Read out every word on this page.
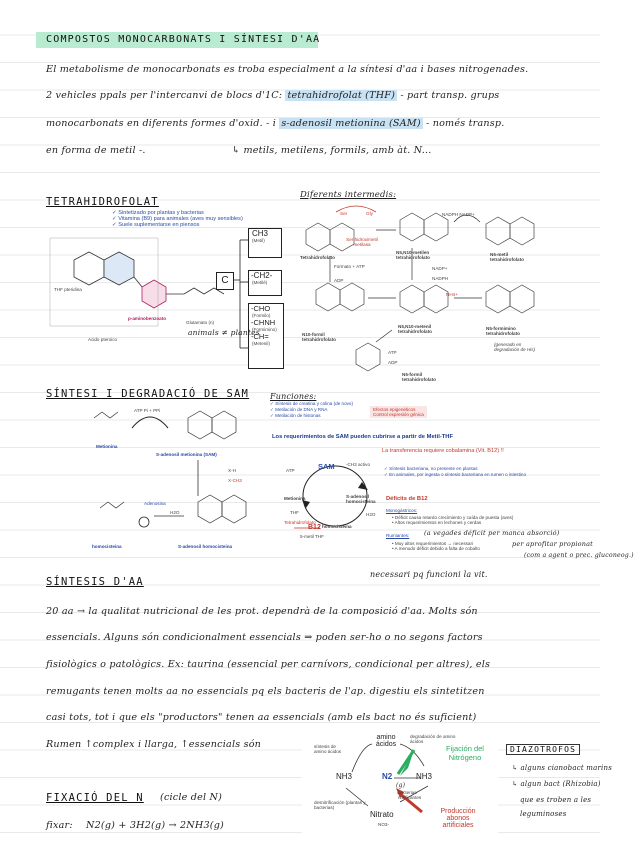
COMPOSTOS MONOCARBONATS I SÍNTESI D'AA
El metabolisme de monocarbonats es troba especialment a la síntesi d'aa i bases nitrogenades.
2 vehicles ppals per l'intercanvi de blocs d'1C: tetrahidrofolat (THF) - part transp. grups
monocarbonats en diferents formes d'oxid. - i s-adenosil metionina (SAM) - només transp.
en forma de metil -.	↳ metils, metilens, formils, amb àt. N...
TETRAHIDROFOLAT
✓ Sintetizado por plantas y bacterias
✓ Vitamina (B9) para animales (aves muy sensibles)
✓ Suele suplementarse en piensos
THF pteridina
p-aminobenzoato
Glutamato (n)
Acido pteroico
C
CH3
(Metil)
-CH2-
(Metilè)
-CHO
(Formilo)
-CHNH
(Formimino)
-CH=
(Metenil)
animals ≠ plantes
Diferents intermedis:
Ser	Gly
Ser hidroximetil metilasa
NADPH NADP+
Tetrahidrofolato
N5,N10-metilen tetrahidrofolato
N5-metil tetrahidrofolato
Formato + ATP
ADP
NADP+
NADPH
NH4+
N10-formil tetrahidrofolato
N5,N10-metenil tetrahidrofolato
N5-formimino tetrahidrofolato
(generado en degradación de His)
ATP
ADP
N5-formil tetrahidrofolato
SÍNTESI I DEGRADACIÓ DE SAM
Metionina
ATP Pi + PPi
S-adenosil metionina (SAM)
X-H
X-CH3
Adenosina
H2O
homocisteina	S-adenosil homocisteina
Funciones:
✓ Síntesis de creatina y colina (de novo)
✓ Metilación de DNA y RNA
✓ Metilación de histonas
Efectos epigenéticos
Control expresión génica
Los requerimientos de SAM pueden cubrirse a partir de Metil-THF
SAM
ATP
-CH3 activo
Metionina	S-adenosil homocisteina
H2O
homocisteina
THF
B12
Tetrahidrofolato
5-metil THF
La transferencia requiere cobalamina (Vit. B12) !!
✓ Síntesis bacteriana, no presente en plantas
✓ En animales, por ingesta o síntesis bacteriana en rumen o intestino
Déficits de B12
Monogástricos:
• Déficit causa retardo crecimiento y caída de puesta (aves)
• Altos requerimientos en lechones y cerdas
Rumiantes: (a vegades déficit per manca absorció)
• Muy altos requerimientos → necessari
• A menudo déficit debido a falta de cobalto
per aprofitar propionat
(com a agent o prec. gluconeog.)
necessari pq funcioni la vit.
SÍNTESIS D'AA
20 aa → la qualitat nutricional de les prot. dependrà de la composició d'aa. Molts són
essencials. Alguns són condicionalment essencials ⇒ poden ser-ho o no segons factors
fisiològics o patològics. Ex: taurina (essencial per carnívors, condicional per altres), els
remugants tenen molts aa no essencials pq els bacteris de l'ap. digestiu els sintetitzen
casi tots, tot i que els "productors" tenen aa essencials (amb els bact no és suficient)
Rumen ↑complex i llarga, ↑essencials són
amino ácidos
síntesis de amino ácidos
degradación de amino ácidos
Fijación del Nitrógeno
NH3	N2
(g)
NH3
bacterias nitrificantes
desnitrificación (plantas y bacterias)
Nitrato
NO3-
Producción abonos artificiales
DIAZOTROFOS
↳ alguns cianobact marins
↳ algun bact (Rhizobia)
que es troben a les
leguminoses
FIXACIÓ DEL N (cicle del N)
fixar: N2(g) + 3H2(g) → 2NH3(g)
